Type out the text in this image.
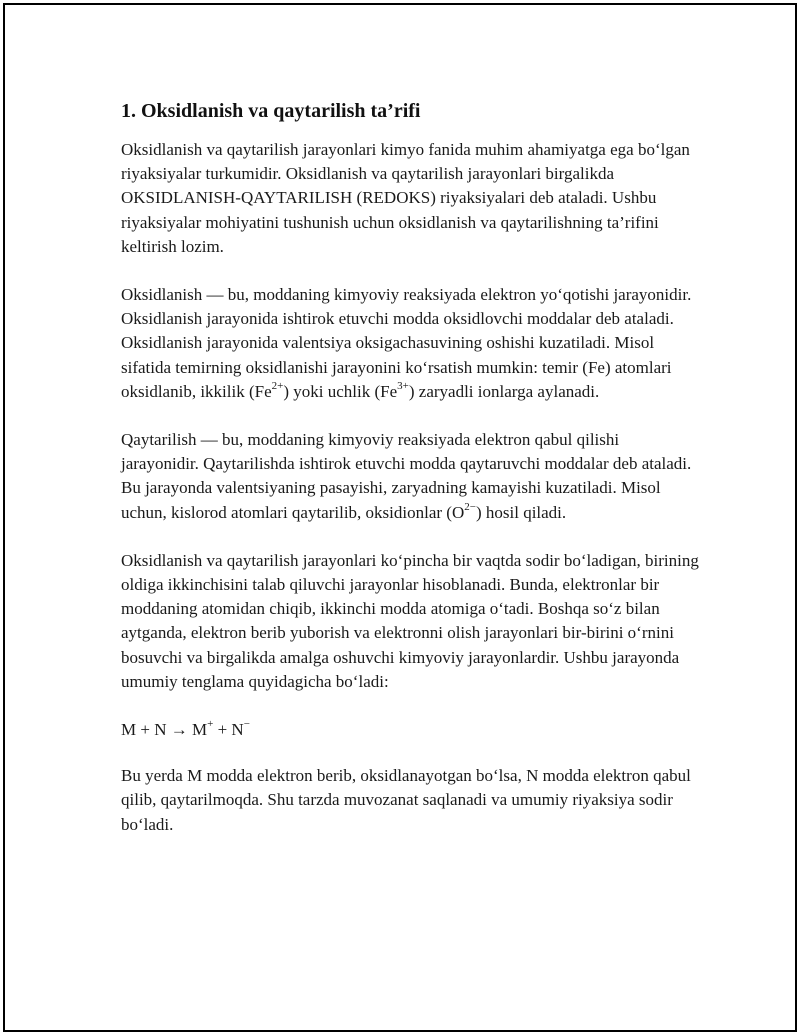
1. Oksidlanish va qaytarilish ta’rifi

Oksidlanish va qaytarilish jarayonlari kimyo fanida muhim ahamiyatga ega bo‘lgan riyaksiyalar turkumidir. Oksidlanish va qaytarilish jarayonlari birgalikda OKSIDLANISH-QAYTARILISH (REDOKS) riyaksiyalari deb ataladi. Ushbu riyaksiyalar mohiyatini tushunish uchun oksidlanish va qaytarilishning ta’rifini keltirish lozim.

Oksidlanish — bu, moddaning kimyoviy reaksiyada elektron yo‘qotishi jarayonidir. Oksidlanish jarayonida ishtirok etuvchi modda oksidlovchi moddalar deb ataladi. Oksidlanish jarayonida valentsiya oksigachasuvining oshishi kuzatiladi. Misol sifatida temirning oksidlanishi jarayonini ko‘rsatish mumkin: temir (Fe) atomlari oksidlanib, ikkilik $(Fe^{2+})$ yoki uchlik $(Fe^{3+})$ zaryadli ionlarga aylanadi.

Qaytarilish — bu, moddaning kimyoviy reaksiyada elektron qabul qilishi jarayonidir. Qaytarilishda ishtirok etuvchi modda qaytaruvchi moddalar deb ataladi. Bu jarayonda valentsiyaning pasayishi, zaryadning kamayishi kuzatiladi. Misol uchun, kislorod atomlari qaytarilib, oksidionlar $(O^{2-})$ hosil qiladi.

Oksidlanish va qaytarilish jarayonlari ko‘pincha bir vaqtda sodir bo‘ladigan, birining oldiga ikkinchisini talab qiluvchi jarayonlar hisoblanadi. Bunda, elektronlar bir moddaning atomidan chiqib, ikkinchi modda atomiga o‘tadi. Boshqa so‘z bilan aytganda, elektron berib yuborish va elektronni olish jarayonlari bir-birini o‘rnini bosuvchi va birgalikda amalga oshuvchi kimyoviy jarayonlardir. Ushbu jarayonda umumiy tenglama quyidagicha bo‘ladi:

M + N → M+ + N−

Bu yerda M modda elektron berib, oksidlanayotgan bo‘lsa, N modda elektron qabul qilib, qaytarilmoqda. Shu tarzda muvozanat saqlanadi va umumiy riyaksiya sodir bo‘ladi.
